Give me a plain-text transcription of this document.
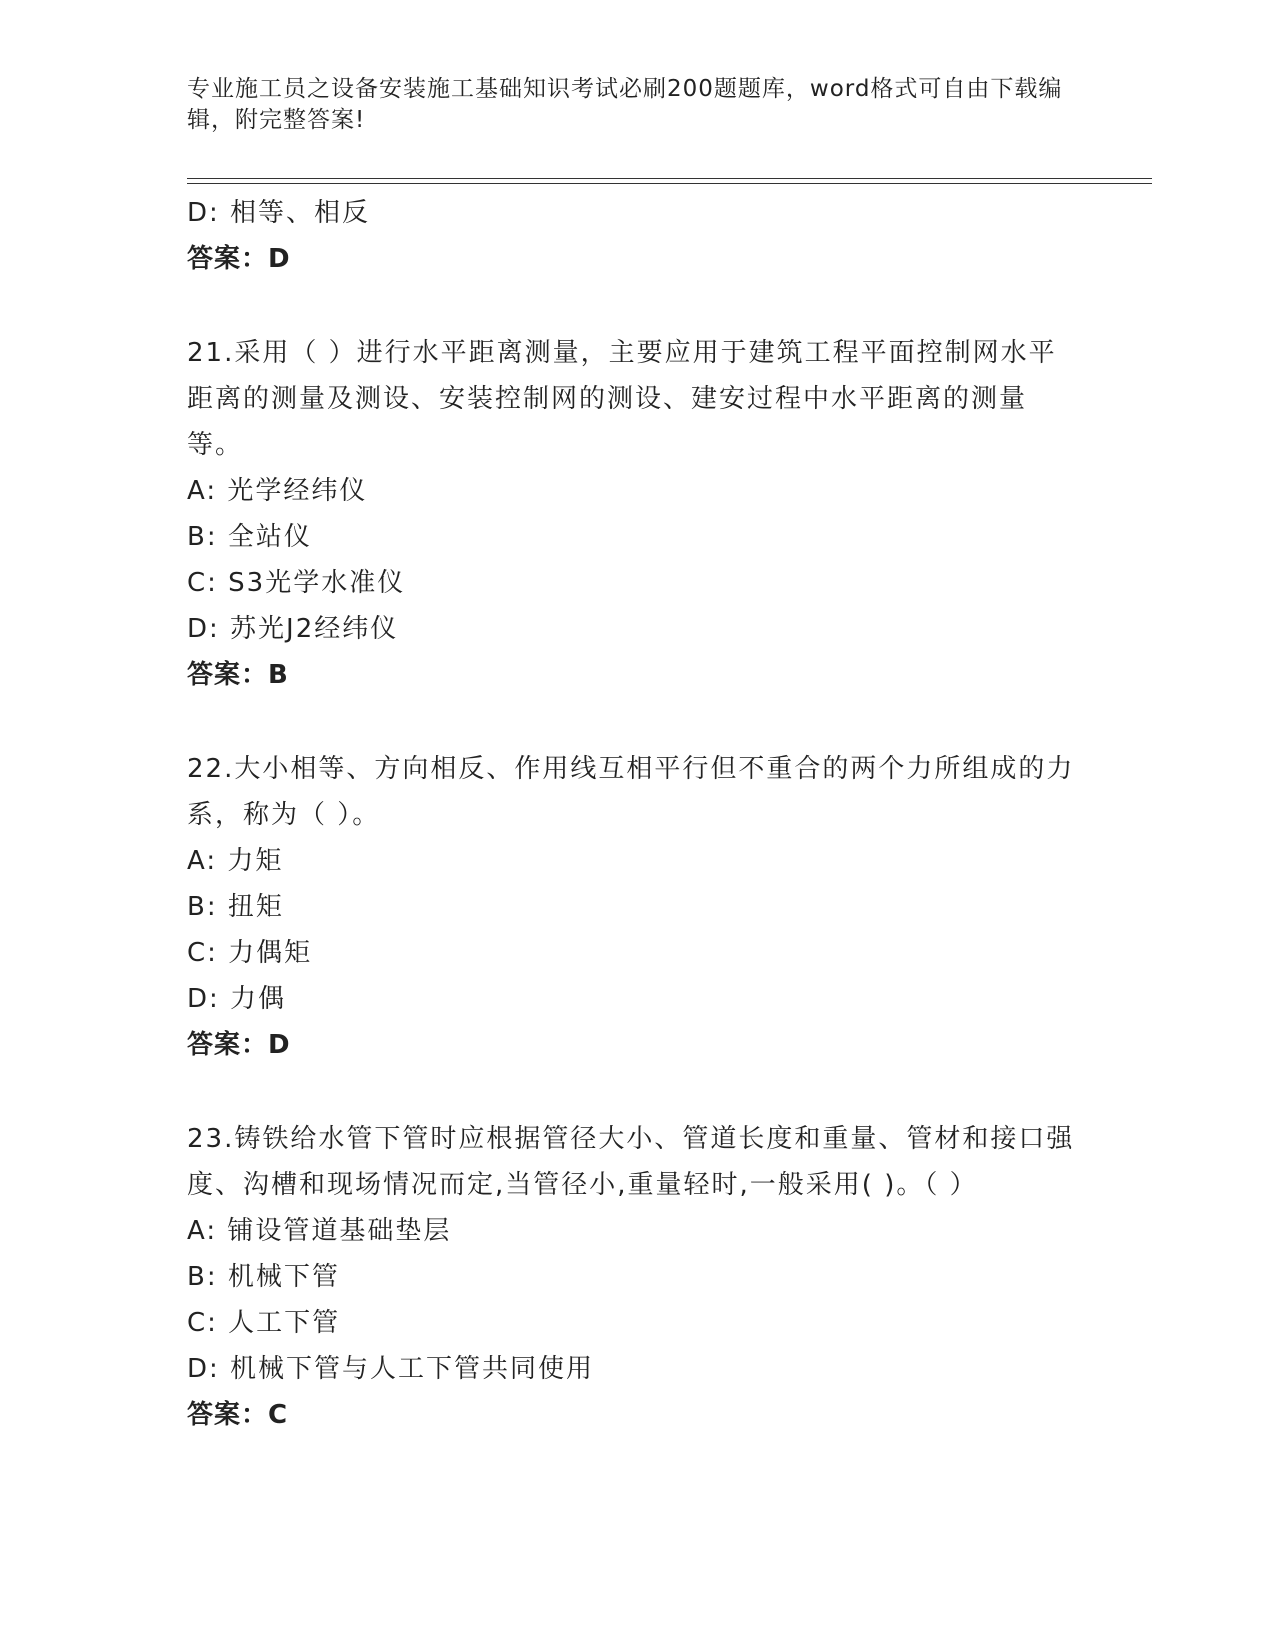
专业施工员之设备安装施工基础知识考试必刷200题题库，word格式可自由下载编辑，附完整答案!
D: 相等、相反
答案：D
21.采用（ ）进行水平距离测量，主要应用于建筑工程平面控制网水平距离的测量及测设、安装控制网的测设、建安过程中水平距离的测量等。
A: 光学经纬仪
B: 全站仪
C: S3光学水准仪
D: 苏光J2经纬仪
答案：B
22.大小相等、方向相反、作用线互相平行但不重合的两个力所组成的力系，称为（ ）。
A: 力矩
B: 扭矩
C: 力偶矩
D: 力偶
答案：D
23.铸铁给水管下管时应根据管径大小、管道长度和重量、管材和接口强度、沟槽和现场情况而定,当管径小,重量轻时,一般采用( )。（ ）
A: 铺设管道基础垫层
B: 机械下管
C: 人工下管
D: 机械下管与人工下管共同使用
答案：C
